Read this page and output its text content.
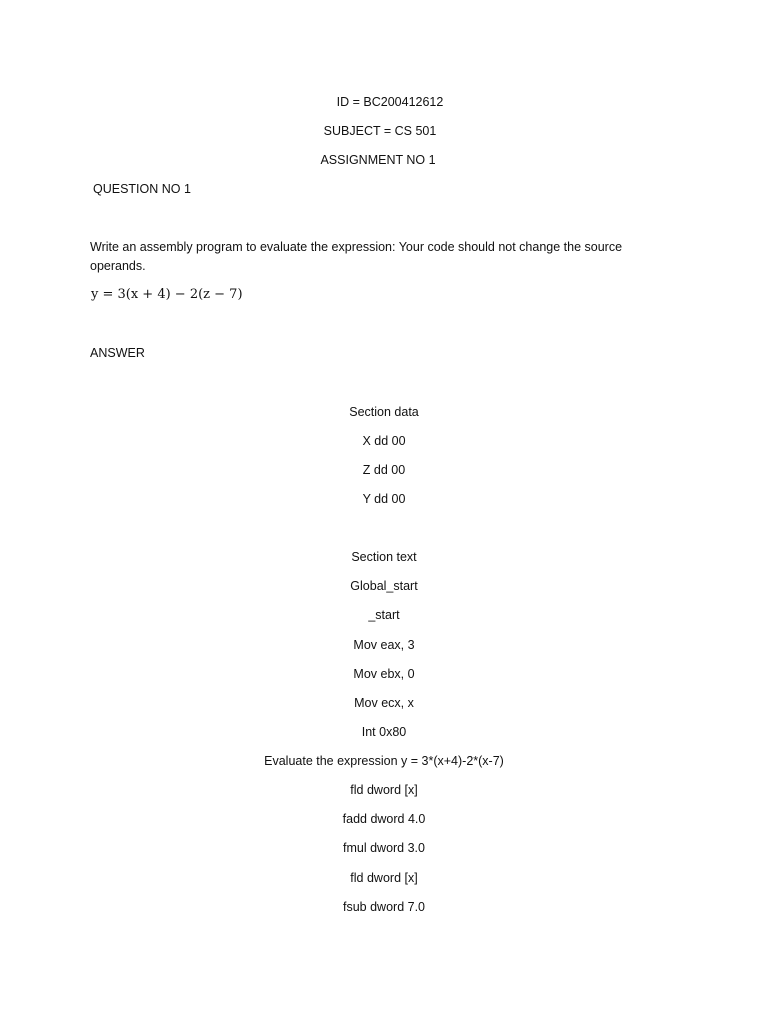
ID = BC200412612
SUBJECT = CS 501
ASSIGNMENT NO 1
QUESTION NO 1
Write an assembly program to evaluate the expression: Your code should not change the source operands.
y = 3(x + 4) − 2(z − 7)
ANSWER
Section data
X dd 00
Z dd 00
Y dd 00
Section text
Global_start
_start
Mov eax, 3
Mov ebx, 0
Mov ecx, x
Int 0x80
Evaluate the expression y = 3*(x+4)-2*(x-7)
fld dword [x]
fadd dword 4.0
fmul dword 3.0
fld dword [x]
fsub dword 7.0
